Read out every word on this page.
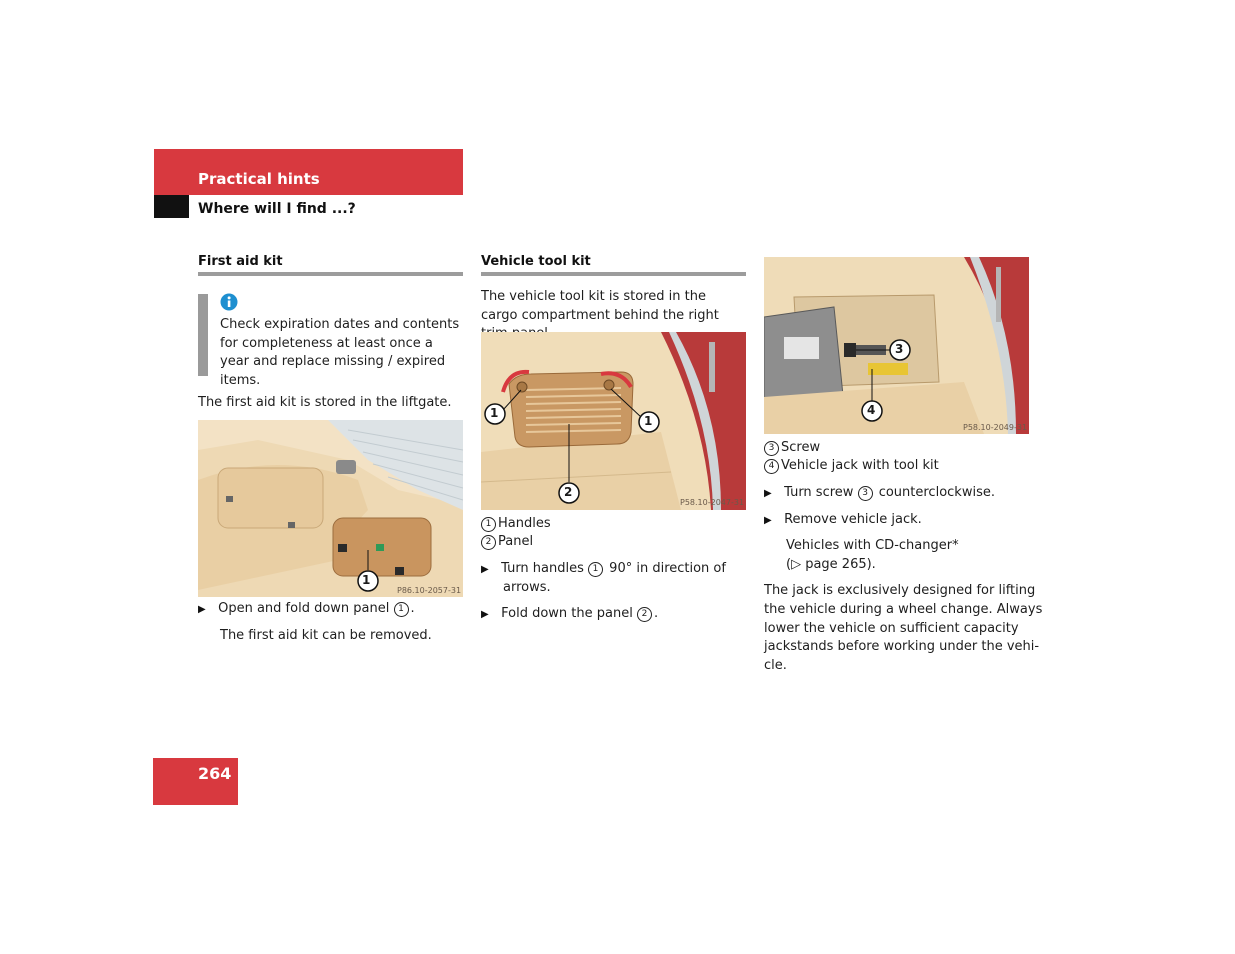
Practical hints
Where will I find ...?
First aid kit
Check expiration dates and contents for completeness at least once a year and replace missing / expired items.
The first aid kit is stored in the liftgate.
1
P86.10-2057-31
▶ Open and fold down panel 1 .
The first aid kit can be removed.
Vehicle tool kit
The vehicle tool kit is stored in the cargo compartment behind the right
1
1
2
P58.10-2047-31
1 Handles
2 Panel
▶ Turn handles 1 90° in direction of
arrows.
▶ Fold down the panel 2 .
3
4
P58.10-2049-31
3 Screw
4 Vehicle jack with tool kit
▶ Turn screw 3 counterclockwise.
▶ Remove vehicle jack.
Vehicles with CD-changer*
(▷ page 265).
The jack is exclusively designed for lifting
the vehicle during a wheel change. Always
lower the vehicle on sufficient capacity
jackstands before working under the vehi-
cle.
264
